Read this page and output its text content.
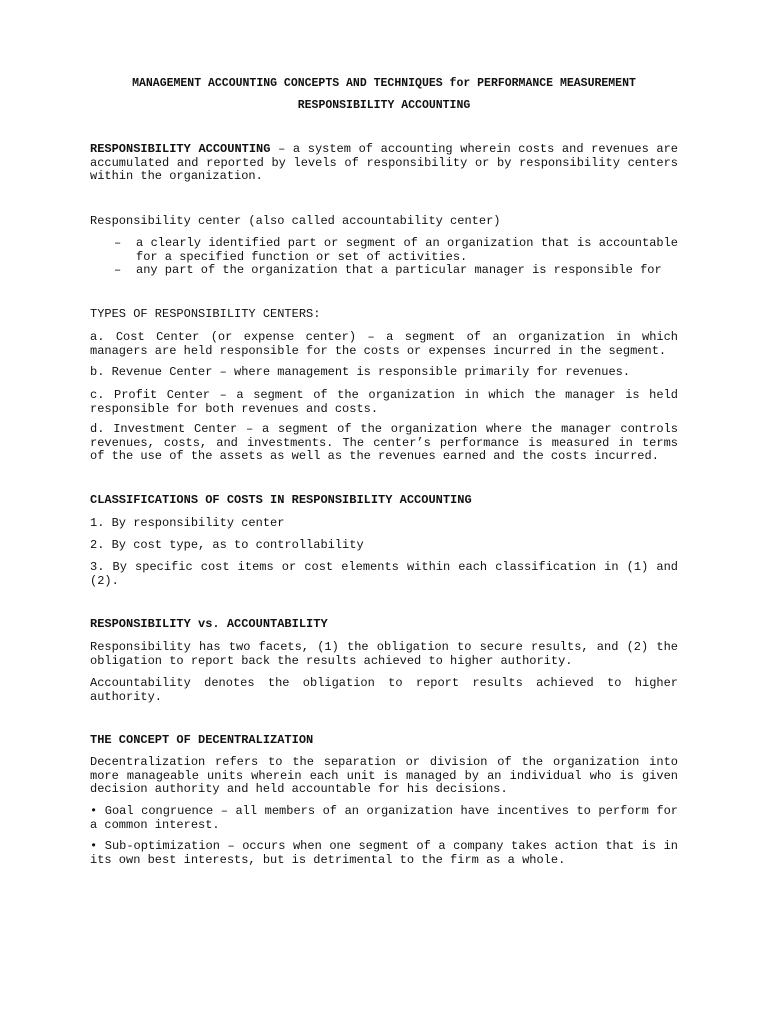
MANAGEMENT ACCOUNTING CONCEPTS AND TECHNIQUES for PERFORMANCE MEASUREMENT
RESPONSIBILITY ACCOUNTING
RESPONSIBILITY ACCOUNTING – a system of accounting wherein costs and revenues are accumulated and reported by levels of responsibility or by responsibility centers within the organization.
Responsibility center (also called accountability center)
– a clearly identified part or segment of an organization that is accountable for a specified function or set of activities.
– any part of the organization that a particular manager is responsible for
TYPES OF RESPONSIBILITY CENTERS:
a. Cost Center (or expense center) – a segment of an organization in which managers are held responsible for the costs or expenses incurred in the segment.
b. Revenue Center – where management is responsible primarily for revenues.
c. Profit Center – a segment of the organization in which the manager is held responsible for both revenues and costs.
d. Investment Center – a segment of the organization where the manager controls revenues, costs, and investments. The center’s performance is measured in terms of the use of the assets as well as the revenues earned and the costs incurred.
CLASSIFICATIONS OF COSTS IN RESPONSIBILITY ACCOUNTING
1. By responsibility center
2. By cost type, as to controllability
3. By specific cost items or cost elements within each classification in (1) and (2).
RESPONSIBILITY vs. ACCOUNTABILITY
Responsibility has two facets, (1) the obligation to secure results, and (2) the obligation to report back the results achieved to higher authority.
Accountability denotes the obligation to report results achieved to higher authority.
THE CONCEPT OF DECENTRALIZATION
Decentralization refers to the separation or division of the organization into more manageable units wherein each unit is managed by an individual who is given decision authority and held accountable for his decisions.
• Goal congruence – all members of an organization have incentives to perform for a common interest.
• Sub-optimization – occurs when one segment of a company takes action that is in its own best interests, but is detrimental to the firm as a whole.
